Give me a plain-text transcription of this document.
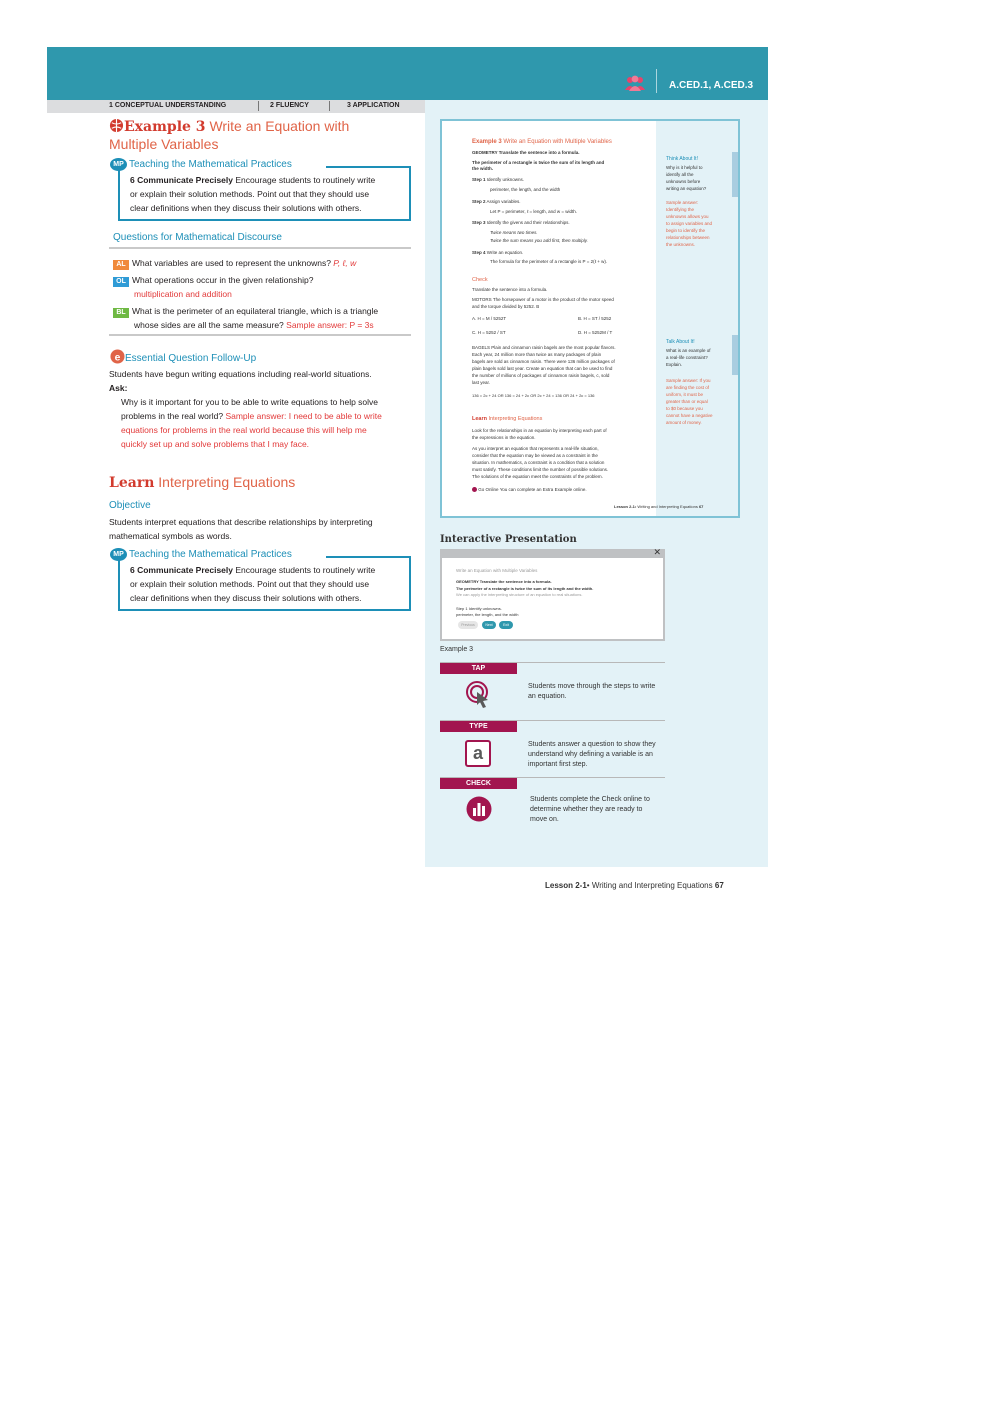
A.CED.1, A.CED.3
1 CONCEPTUAL UNDERSTANDING	2 FLUENCY	3 APPLICATION
Example 3 Write an Equation with
Multiple Variables
MP Teaching the Mathematical Practices
6 Communicate Precisely Encourage students to routinely write
or explain their solution methods. Point out that they should use
clear definitions when they discuss their solutions with others.
Questions for Mathematical Discourse
AL What variables are used to represent the unknowns? P, ℓ, w
OL What operations occur in the given relationship?
multiplication and addition
BL What is the perimeter of an equilateral triangle, which is a triangle
whose sides are all the same measure? Sample answer: P = 3s
e Essential Question Follow-Up
Students have begun writing equations including real-world situations.
Ask:
Why is it important for you to be able to write equations to help solve
problems in the real world? Sample answer: I need to be able to write
equations for problems in the real world because this will help me
quickly set up and solve problems that I may face.
Learn Interpreting Equations
Objective
Students interpret equations that describe relationships by interpreting
mathematical symbols as words.
MP Teaching the Mathematical Practices
6 Communicate Precisely Encourage students to routinely write
or explain their solution methods. Point out that they should use
clear definitions when they discuss their solutions with others.
Example 3 Write an Equation with Multiple Variables
GEOMETRY Translate the sentence into a formula.
The perimeter of a rectangle is twice the sum of its length and
the width.
Step 1 Identify unknowns.
perimeter, the length, and the width
Step 2 Assign variables.
Let P = perimeter, ℓ = length, and w = width.
Step 3 Identify the givens and their relationships.
Twice means two times.
Twice the sum means you add first, then multiply.
Step 4 Write an equation.
The formula for the perimeter of a rectangle is P = 2(ℓ + w).
Check
Translate the sentence into a formula.
MOTORS The horsepower of a motor is the product of the motor speed
and the torque divided by 5252. B
A. H = M / 5252T	B. H = ST / 5252
C. H = 5252 / ST	D. H = 5252M / T
BAGELS Plain and cinnamon raisin bagels are the most popular flavors.
Each year, 24 million more than twice as many packages of plain
bagels are sold as cinnamon raisin. There were 136 million packages of
plain bagels sold last year. Create an equation that can be used to find
the number of millions of packages of cinnamon raisin bagels, c, sold
last year.
136 = 2c + 24 OR 136 = 24 + 2c OR 2c + 24 = 136 OR 24 + 2c = 136
Learn Interpreting Equations
Look for the relationships in an equation by interpreting each part of
the expressions in the equation.
As you interpret an equation that represents a real-life situation,
consider that the equation may be viewed as a constraint in the
situation. In mathematics, a constraint is a condition that a solution
must satisfy. These conditions limit the number of possible solutions.
The solutions of the equation meet the constraints of the problem.
Go Online You can complete an Extra Example online.
Lesson 2-1• Writing and Interpreting Equations 67
Think About It!
Why is it helpful to
identify all the
unknowns before
writing an equation?
Sample answer:
Identifying the
unknowns allows you
to assign variables and
begin to identify the
relationships between
the unknowns.
Talk About It!
What is an example of
a real-life constraint?
Explain.
Sample answer: If you
are finding the cost of
uniform, it must be
greater than or equal
to $0 because you
cannot have a negative
amount of money.
Interactive Presentation
✕
Write an Equation with Multiple Variables
GEOMETRY Translate the sentence into a formula.
The perimeter of a rectangle is twice the sum of its length and the width.
We can apply the interpreting structure of an equation to real situations.
Step 1 Identify unknowns.
perimeter, the length, and the width
Previous	Next	Exit
Example 3
TAP
Students move through the steps to write
an equation.
TYPE
a	Students answer a question to show they
understand why defining a variable is an
important first step.
CHECK
Students complete the Check online to
determine whether they are ready to
move on.
Lesson 2-1• Writing and Interpreting Equations 67
